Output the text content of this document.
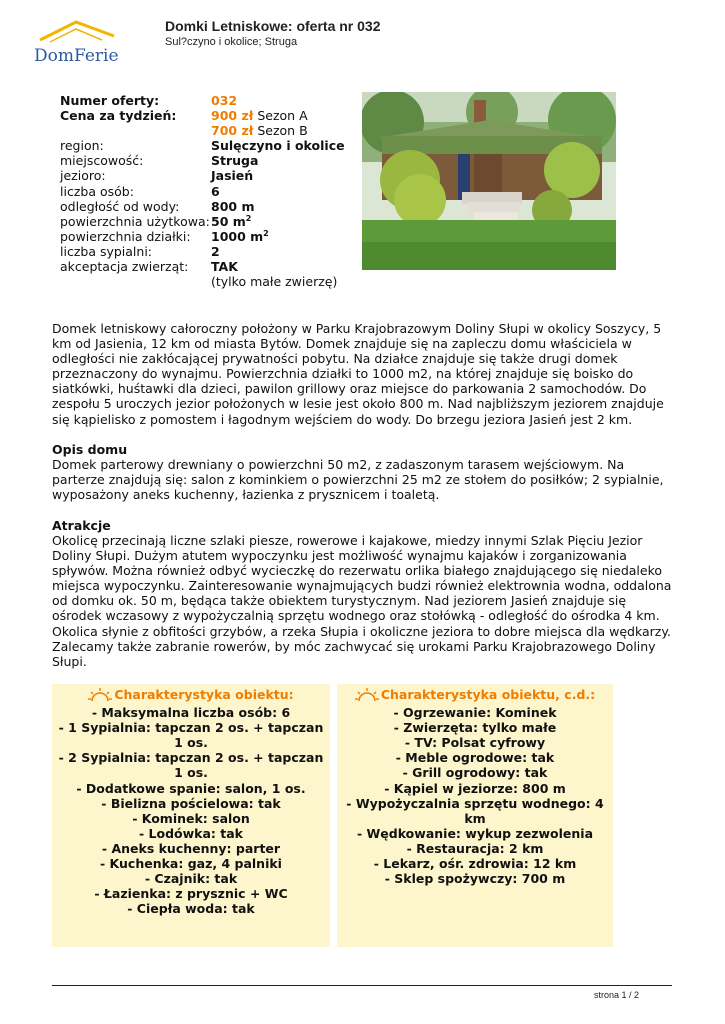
DomFerie
Domki Letniskowe: oferta nr 032
Sul?czyno i okolice; Struga
Numer oferty:	032
Cena za tydzień:	900 zł Sezon A
700 zł Sezon B
region:	Sulęczyno i okolice
miejscowość:	Struga
jezioro:	Jasień
liczba osób:	6
odległość od wody:	800 m
powierzchnia użytkowa: 50 $m^2$
powierzchnia działki:	1000 $m^2$
liczba sypialni:	2
akceptacja zwierząt:	TAK
(tylko małe zwierzę)
Domek letniskowy całoroczny położony w Parku Krajobrazowym Doliny Słupi w okolicy Soszycy, 5 km od Jasienia, 12 km od miasta Bytów. Domek znajduje się na zapleczu domu właściciela w odległości nie zakłócającej prywatności pobytu. Na działce znajduje się także drugi domek przeznaczony do wynajmu. Powierzchnia działki to 1000 m2, na której znajduje się boisko do siatkówki, huśtawki dla dzieci, pawilon grillowy oraz miejsce do parkowania 2 samochodów. Do zespołu 5 uroczych jezior położonych w lesie jest około 800 m. Nad najbliższym jeziorem znajduje się kąpielisko z pomostem i łagodnym wejściem do wody. Do brzegu jeziora Jasień jest 2 km.
Opis domu
Domek parterowy drewniany o powierzchni 50 m2, z zadaszonym tarasem wejściowym. Na parterze znajdują się: salon z kominkiem o powierzchni 25 m2 ze stołem do posiłków; 2 sypialnie, wyposażony aneks kuchenny, łazienka z prysznicem i toaletą.
Atrakcje
Okolicę przecinają liczne szlaki piesze, rowerowe i kajakowe, miedzy innymi Szlak Pięciu Jezior Doliny Słupi. Dużym atutem wypoczynku jest możliwość wynajmu kajaków i zorganizowania spływów. Można również odbyć wycieczkę do rezerwatu orlika białego znajdującego się niedaleko miejsca wypoczynku. Zainteresowanie wynajmujących budzi również elektrownia wodna, oddalona od domku ok. 50 m, będąca także obiektem turystycznym. Nad jeziorem Jasień znajduje się ośrodek wczasowy z wypożyczalnią sprzętu wodnego oraz stołówką - odległość do ośrodka 4 km. Okolica słynie z obfitości grzybów, a rzeka Słupia i okoliczne jeziora to dobre miejsca dla wędkarzy. Zalecamy także zabranie rowerów, by móc zachwycać się urokami Parku Krajobrazowego Doliny Słupi.
Charakterystyka obiektu:
- Maksymalna liczba osób: 6
- 1 Sypialnia: tapczan 2 os. + tapczan 1 os.
- 2 Sypialnia: tapczan 2 os. + tapczan 1 os.
- Dodatkowe spanie: salon, 1 os.
- Bielizna pościelowa: tak
- Kominek: salon
- Lodówka: tak
- Aneks kuchenny: parter
- Kuchenka: gaz, 4 palniki
- Czajnik: tak
- Łazienka: z prysznic + WC
- Ciepła woda: tak
Charakterystyka obiektu, c.d.:
- Ogrzewanie: Kominek
- Zwierzęta: tylko małe
- TV: Polsat cyfrowy
- Meble ogrodowe: tak
- Grill ogrodowy: tak
- Kąpiel w jeziorze: 800 m
- Wypożyczalnia sprzętu wodnego: 4 km
- Wędkowanie: wykup zezwolenia
- Restauracja: 2 km
- Lekarz, ośr. zdrowia: 12 km
- Sklep spożywczy: 700 m
strona 1 / 2
